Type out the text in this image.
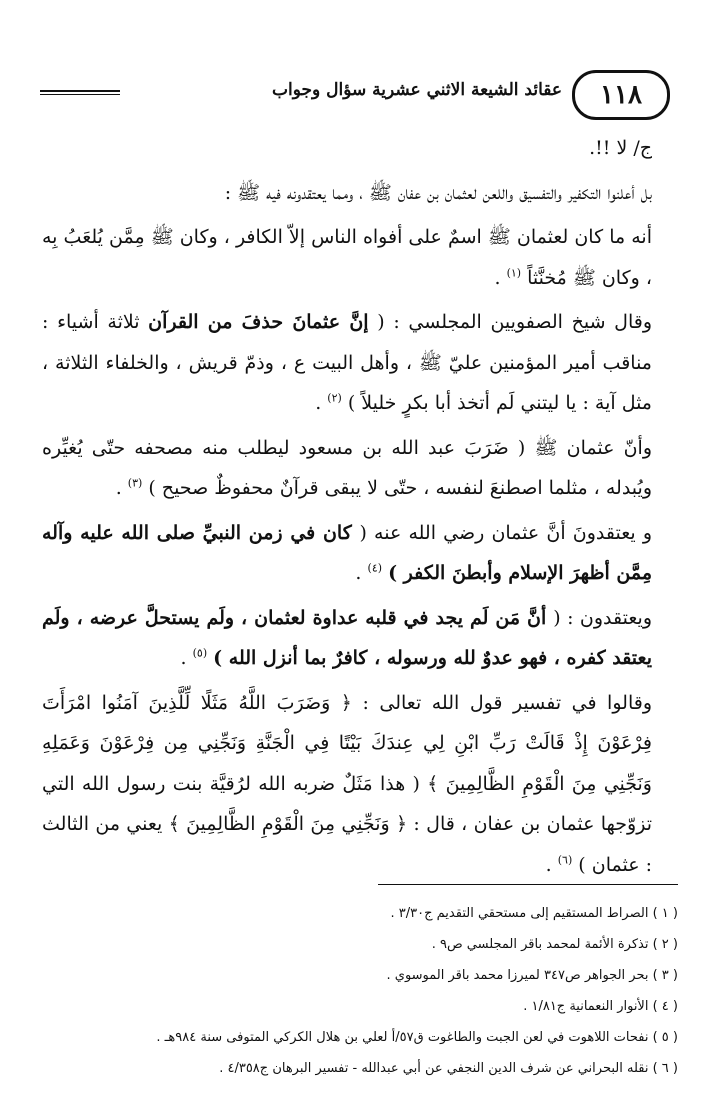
١١٨
عقائد الشيعة الاثني عشرية سؤال وجواب

ج/ لا !!.

بل أعلنوا التكفير والتفسيق واللعن لعثمان بن عفان ﷺ ، ومما يعتقدونه فيه ﷺ :

أنه ما كان لعثمان ﷺ اسمٌ على أفواه الناس إلاّ الكافر ، وكان ﷺ مِمَّن يُلعَبُ بِه ، وكان ﷺ مُخنَّثاً $^{(١)}$ .

وقال شيخ الصفويين المجلسي : ( إنَّ عثمانَ حذفَ من القرآن ثلاثة أشياء : مناقب أمير المؤمنين عليّ ﷺ ، وأهل البيت ع ، وذمّ قريش ، والخلفاء الثلاثة ، مثل آية : يا ليتني لَم أتخذ أبا بكرٍ خليلاً ) $^{(٢)}$ .

وأنّ عثمان ﷺ ( ضَرَبَ عبد الله بن مسعود ليطلب منه مصحفه حتّى يُغيِّره ويُبدله ، مثلما اصطنعَ لنفسه ، حتّى لا يبقى قرآنٌ محفوظٌ صحيح ) $^{(٣)}$ .

و يعتقدونَ أنَّ عثمان رضي الله عنه ( كان في زمن النبيِّ صلى الله عليه وآله مِمَّن أظهرَ الإسلام وأبطنَ الكفر ) $^{(٤)}$ .

ويعتقدون : ( أنَّ مَن لَم يجد في قلبه عداوة لعثمان ، ولَم يستحلَّ عرضه ، ولَم يعتقد كفره ، فهو عدوٌ لله ورسوله ، كافرٌ بما أنزل الله ) $^{(٥)}$ .

وقالوا في تفسير قول الله تعالى : ﴿ وَضَرَبَ اللَّهُ مَثَلًا لِّلَّذِينَ آمَنُوا امْرَأَتَ فِرْعَوْنَ إِذْ قَالَتْ رَبِّ ابْنِ لِي عِندَكَ بَيْتًا فِي الْجَنَّةِ وَنَجِّنِي مِن فِرْعَوْنَ وَعَمَلِهِ وَنَجِّنِي مِنَ الْقَوْمِ الظَّالِمِينَ ﴾ ( هذا مَثَلٌ ضربه الله لرُقيَّة بنت رسول الله التي تزوّجها عثمان بن عفان ، قال : ﴿ وَنَجِّنِي مِنَ الْقَوْمِ الظَّالِمِينَ ﴾ يعني من الثالث : عثمان ) $^{(٦)}$ .

( ١ ) الصراط المستقيم إلى مستحقي التقديم ج٣/٣٠ .
( ٢ ) تذكرة الأئمة لمحمد باقر المجلسي ص٩ .
( ٣ ) بحر الجواهر ص٣٤٧ لميرزا محمد باقر الموسوي .
( ٤ ) الأنوار النعمانية ج١/٨١ .
( ٥ ) نفحات اللاهوت في لعن الجبت والطاغوت ق٥٧/أ لعلي بن هلال الكركي المتوفى سنة ٩٨٤هـ .
( ٦ ) نقله البحراني عن شرف الدين النجفي عن أبي عبدالله - تفسير البرهان ج٤/٣٥٨ .
